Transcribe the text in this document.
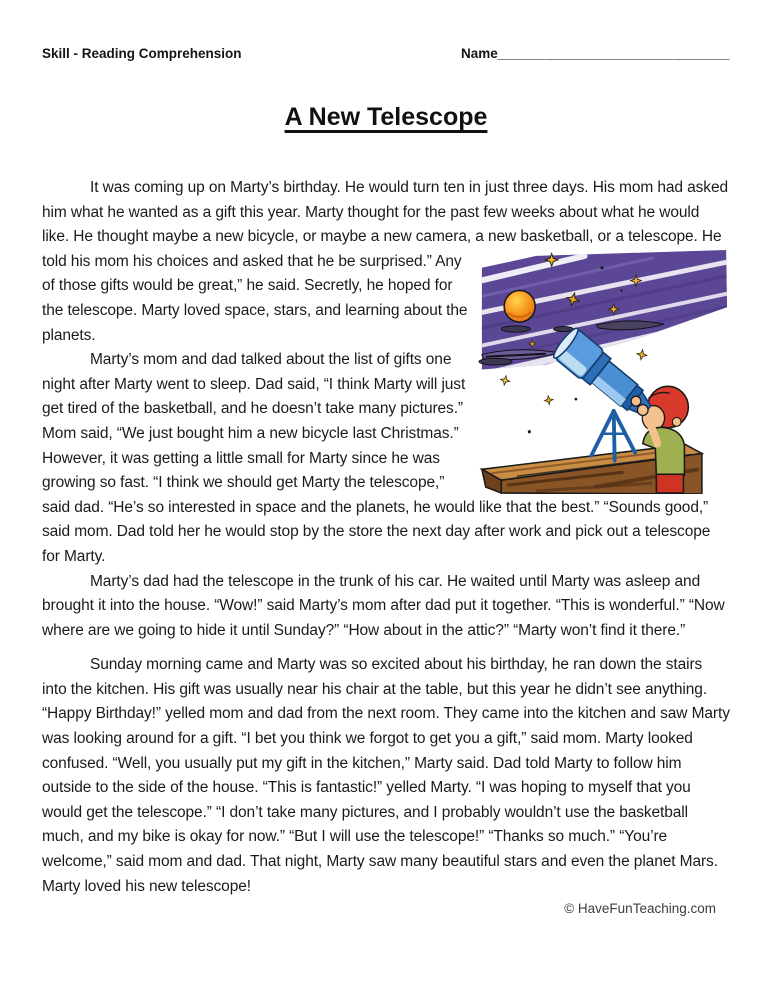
Skill - Reading Comprehension	Name_____________________________
A New Telescope

It was coming up on Marty’s birthday. He would turn ten in just three days. His mom had asked him what he wanted as a gift this year. Marty thought for the past few weeks about what he would like. He thought maybe a new bicycle, or maybe a new camera, a new basketball, or a telescope. He told his mom his choices and asked that he be surprised.” Any of those gifts would be great,” he said. Secretly, he hoped for the telescope. Marty loved space, stars, and learning about the planets.

Marty’s mom and dad talked about the list of gifts one night after Marty went to sleep. Dad said, “I think Marty will just get tired of the basketball, and he doesn’t take many pictures.” Mom said, “We just bought him a new bicycle last Christmas.” However, it was getting a little small for Marty since he was growing so fast. “I think we should get Marty the telescope,” said dad. “He’s so interested in space and the planets, he would like that the best.” “Sounds good,” said mom. Dad told her he would stop by the store the next day after work and pick out a telescope for Marty.

Marty’s dad had the telescope in the trunk of his car. He waited until Marty was asleep and brought it into the house. “Wow!” said Marty’s mom after dad put it together. “This is wonderful.” “Now where are we going to hide it until Sunday?” “How about in the attic?” “Marty won’t find it there.”

Sunday morning came and Marty was so excited about his birthday, he ran down the stairs into the kitchen. His gift was usually near his chair at the table, but this year he didn’t see anything. “Happy Birthday!” yelled mom and dad from the next room. They came into the kitchen and saw Marty was looking around for a gift. “I bet you think we forgot to get you a gift,” said mom. Marty looked confused. “Well, you usually put my gift in the kitchen,” Marty said. Dad told Marty to follow him outside to the side of the house. “This is fantastic!” yelled Marty. “I was hoping to myself that you would get the telescope.” “I don’t take many pictures, and I probably wouldn’t use the basketball much, and my bike is okay for now.” “But I will use the telescope!” “Thanks so much.” “You’re welcome,” said mom and dad. That night, Marty saw many beautiful stars and even the planet Mars. Marty loved his new telescope!

© HaveFunTeaching.com
